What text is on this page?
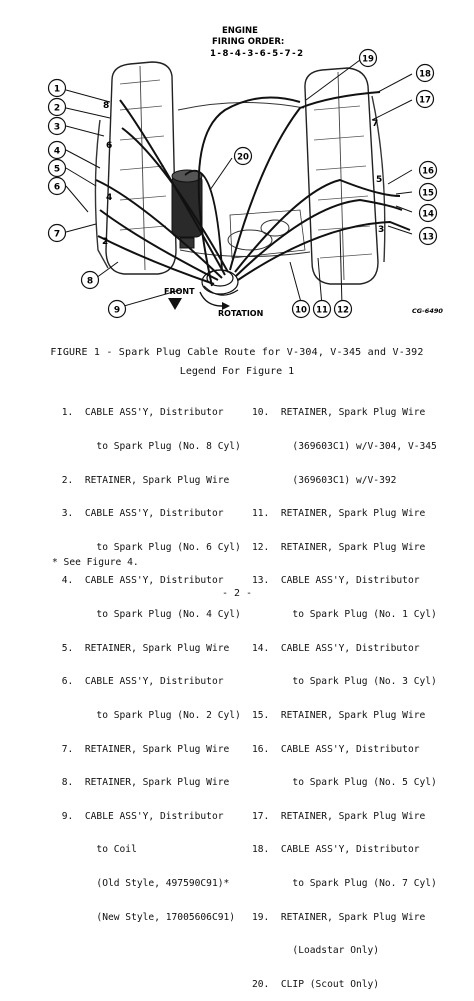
ENGINE
FIRING ORDER:
1-8-4-3-6-5-7-2
8
6
4
2
7
5
3
1
2
3
4
5
6
7
8
9	10 11 12
13
14
15
16
17
18
19
20
FRONT
ROTATION	CG-6490
FIGURE 1 - Spark Plug Cable Route for V-304, V-345 and V-392
Legend For Figure 1

1.  CABLE ASS'Y, Distributor

to Spark Plug (No. 8 Cyl)

2.  RETAINER, Spark Plug Wire

3.  CABLE ASS'Y, Distributor

to Spark Plug (No. 6 Cyl)

4.  CABLE ASS'Y, Distributor

to Spark Plug (No. 4 Cyl)

5.  RETAINER, Spark Plug Wire

6.  CABLE ASS'Y, Distributor

to Spark Plug (No. 2 Cyl)

7.  RETAINER, Spark Plug Wire

8.  RETAINER, Spark Plug Wire

9.  CABLE ASS'Y, Distributor

to Coil

(Old Style, 497590C91)*

(New Style, 17005606C91)

10.  RETAINER, Spark Plug Wire

(369603C1) w/V-304, V-345

(369603C1) w/V-392

11.  RETAINER, Spark Plug Wire

12.  RETAINER, Spark Plug Wire

13.  CABLE ASS'Y, Distributor

to Spark Plug (No. 1 Cyl)

14.  CABLE ASS'Y, Distributor

to Spark Plug (No. 3 Cyl)

15.  RETAINER, Spark Plug Wire

16.  CABLE ASS'Y, Distributor

to Spark Plug (No. 5 Cyl)

17.  RETAINER, Spark Plug Wire

18.  CABLE ASS'Y, Distributor

to Spark Plug (No. 7 Cyl)

19.  RETAINER, Spark Plug Wire

(Loadstar Only)

20.  CLIP (Scout Only)

* See Figure 4.
- 2 -
